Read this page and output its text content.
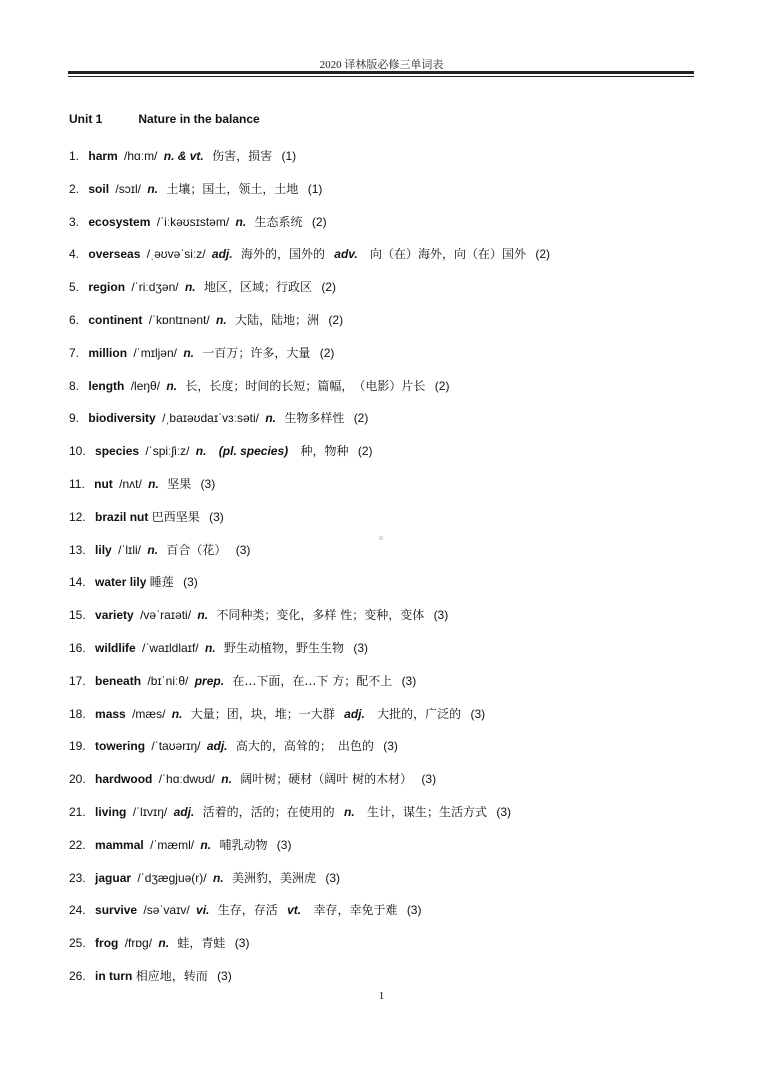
2020 译林版必修三单词表
Unit 1	Nature in the balance
1. harm /hɑːm/ n. & vt. 伤害，损害 (1)
2. soil /sɔɪl/ n. 土壤；国土，领土，土地 (1)
3. ecosystem /ˈiːkəʊsɪstəm/ n. 生态系统 (2)
4. overseas /ˌəʊvəˈsiːz/ adj. 海外的，国外的 adv. 向（在）海外，向（在）国外 (2)
5. region /ˈriːdʒən/ n. 地区，区域；行政区 (2)
6. continent /ˈkɒntɪnənt/ n. 大陆，陆地；洲 (2)
7. million /ˈmɪljən/ n. 一百万；许多，大量 (2)
8. length /leŋθ/ n. 长，长度；时间的长短；篇幅，　（电影）片长 (2)
9. biodiversity /ˌbaɪəʊdaɪˈvɜːsəti/ n. 生物多样性 (2)
10. species /ˈspiːʃiːz/ n. (pl. species) 种，物种 (2)
11. nut /nʌt/ n. 坚果 (3)
12. brazil nut 巴西坚果 (3)
13. lily /ˈlɪli/ n. 百合（花） (3)
14. water lily 睡莲 (3)
15. variety /vəˈraɪəti/ n. 不同种类；变化，多样 性；变种，变体 (3)
16. wildlife /ˈwaɪldlaɪf/ n. 野生动植物，野生生物 (3)
17. beneath /bɪˈniːθ/ prep. 在…下面，在…下 方；配不上 (3)
18. mass /mæs/ n. 大量；团，块，堆；一大群 adj. 大批的，广泛的 (3)
19. towering /ˈtaʊərɪŋ/ adj. 高大的，高耸的；　出色的 (3)
20. hardwood /ˈhɑːdwʊd/ n. 阔叶树；硬材（阔叶 树的木材） (3)
21. living /ˈlɪvɪŋ/ adj. 活着的，活的；在使用的 n. 生计，谋生；生活方式 (3)
22. mammal /ˈmæml/ n. 哺乳动物 (3)
23. jaguar /ˈdʒæɡjuə(r)/ n. 美洲豹，美洲虎 (3)
24. survive /səˈvaɪv/ vi. 生存，存活 vt. 幸存，幸免于难 (3)
25. frog /frɒɡ/ n. 蛙，青蛙 (3)
26. in turn 相应地，转而 (3)
1
